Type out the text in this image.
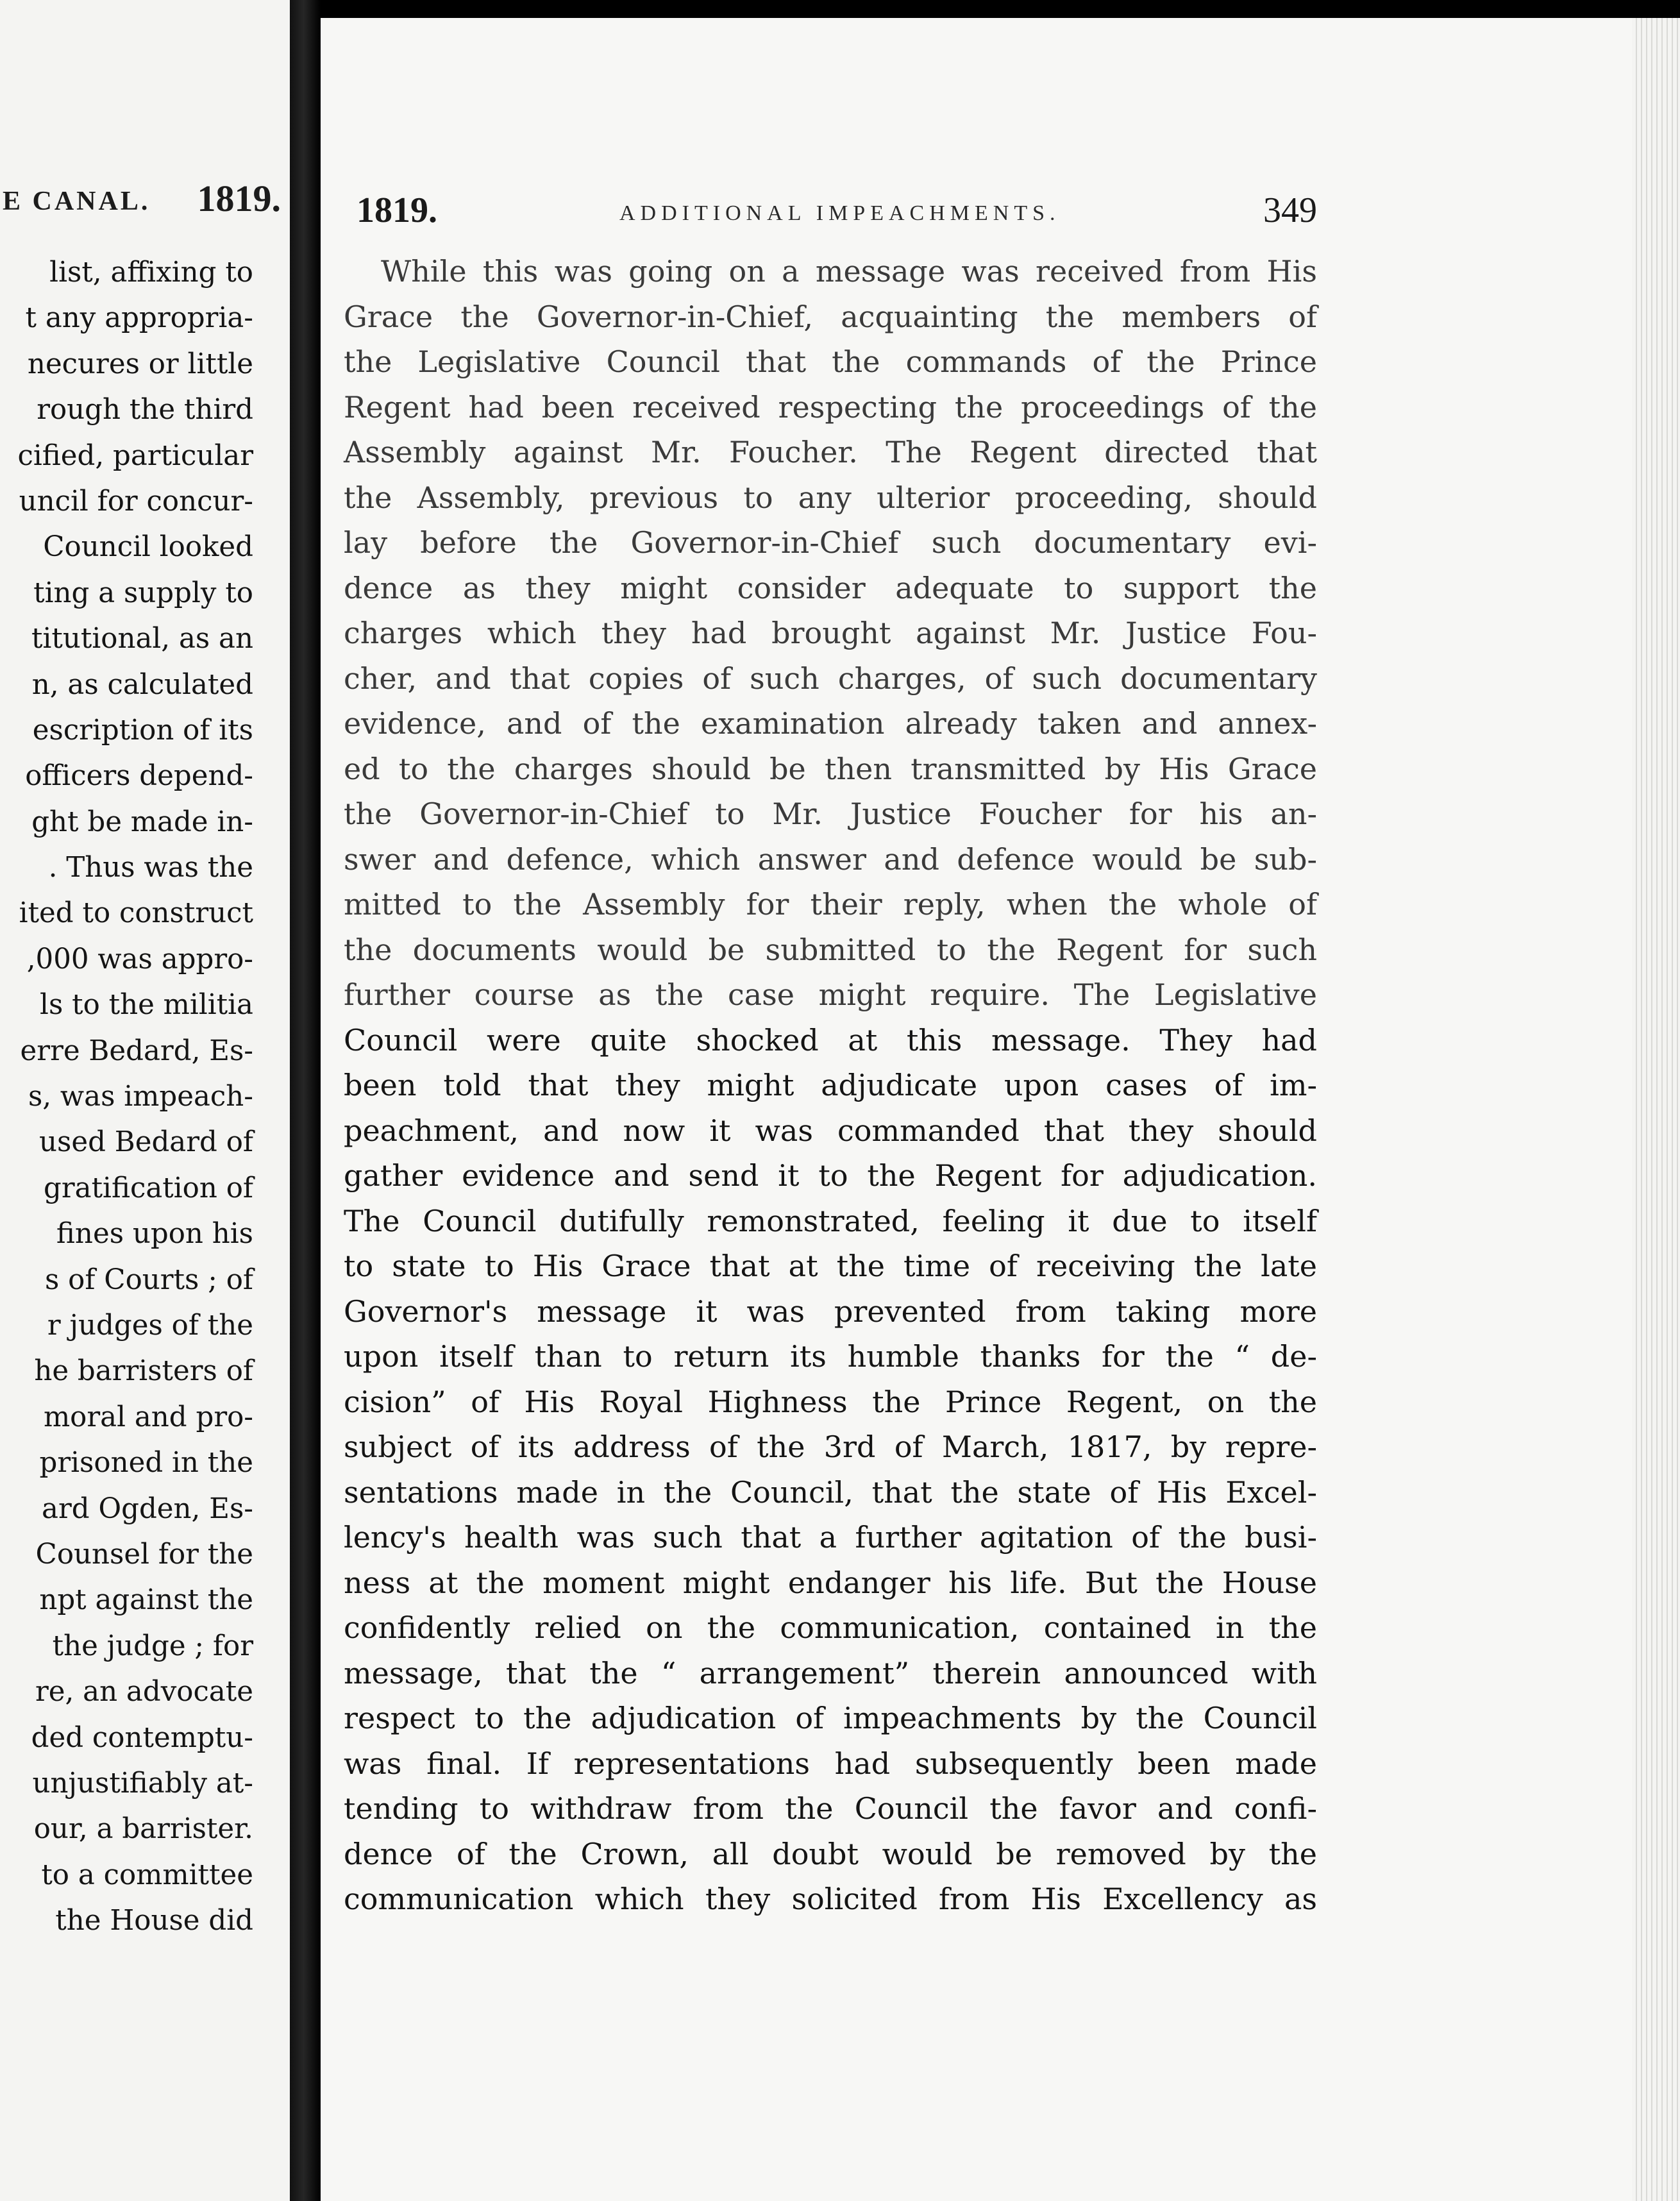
E CANAL. 1819.
list, affixing to
t any appropria-
necures or little
rough the third
cified, particular
uncil for concur-
Council looked
ting a supply to
titutional, as an
n, as calculated
escription of its
officers depend-
ght be made in-
. Thus was the
ited to construct
,000 was appro-
ls to the militia
erre Bedard, Es-
s, was impeach-
used Bedard of
gratification of
fines upon his
s of Courts ; of
r judges of the
he barristers of
moral and pro-
prisoned in the
ard Ogden, Es-
Counsel for the
npt against the
the judge ; for
re, an advocate
ded contemptu-
unjustifiably at-
our, a barrister.
to a committee
the House did
1819.	ADDITIONAL IMPEACHMENTS.	349
While this was going on a message was received from His
Grace the Governor-in-Chief, acquainting the members of
the Legislative Council that the commands of the Prince
Regent had been received respecting the proceedings of the
Assembly against Mr. Foucher. The Regent directed that
the Assembly, previous to any ulterior proceeding, should
lay before the Governor-in-Chief such documentary evi-
dence as they might consider adequate to support the
charges which they had brought against Mr. Justice Fou-
cher, and that copies of such charges, of such documentary
evidence, and of the examination already taken and annex-
ed to the charges should be then transmitted by His Grace
the Governor-in-Chief to Mr. Justice Foucher for his an-
swer and defence, which answer and defence would be sub-
mitted to the Assembly for their reply, when the whole of
the documents would be submitted to the Regent for such
further course as the case might require. The Legislative
Council were quite shocked at this message. They had
been told that they might adjudicate upon cases of im-
peachment, and now it was commanded that they should
gather evidence and send it to the Regent for adjudication.
The Council dutifully remonstrated, feeling it due to itself
to state to His Grace that at the time of receiving the late
Governor's message it was prevented from taking more
upon itself than to return its humble thanks for the “ de-
cision” of His Royal Highness the Prince Regent, on the
subject of its address of the 3rd of March, 1817, by repre-
sentations made in the Council, that the state of His Excel-
lency's health was such that a further agitation of the busi-
ness at the moment might endanger his life. But the House
confidently relied on the communication, contained in the
message, that the “ arrangement” therein announced with
respect to the adjudication of impeachments by the Council
was final. If representations had subsequently been made
tending to withdraw from the Council the favor and confi-
dence of the Crown, all doubt would be removed by the
communication which they solicited from His Excellency as
